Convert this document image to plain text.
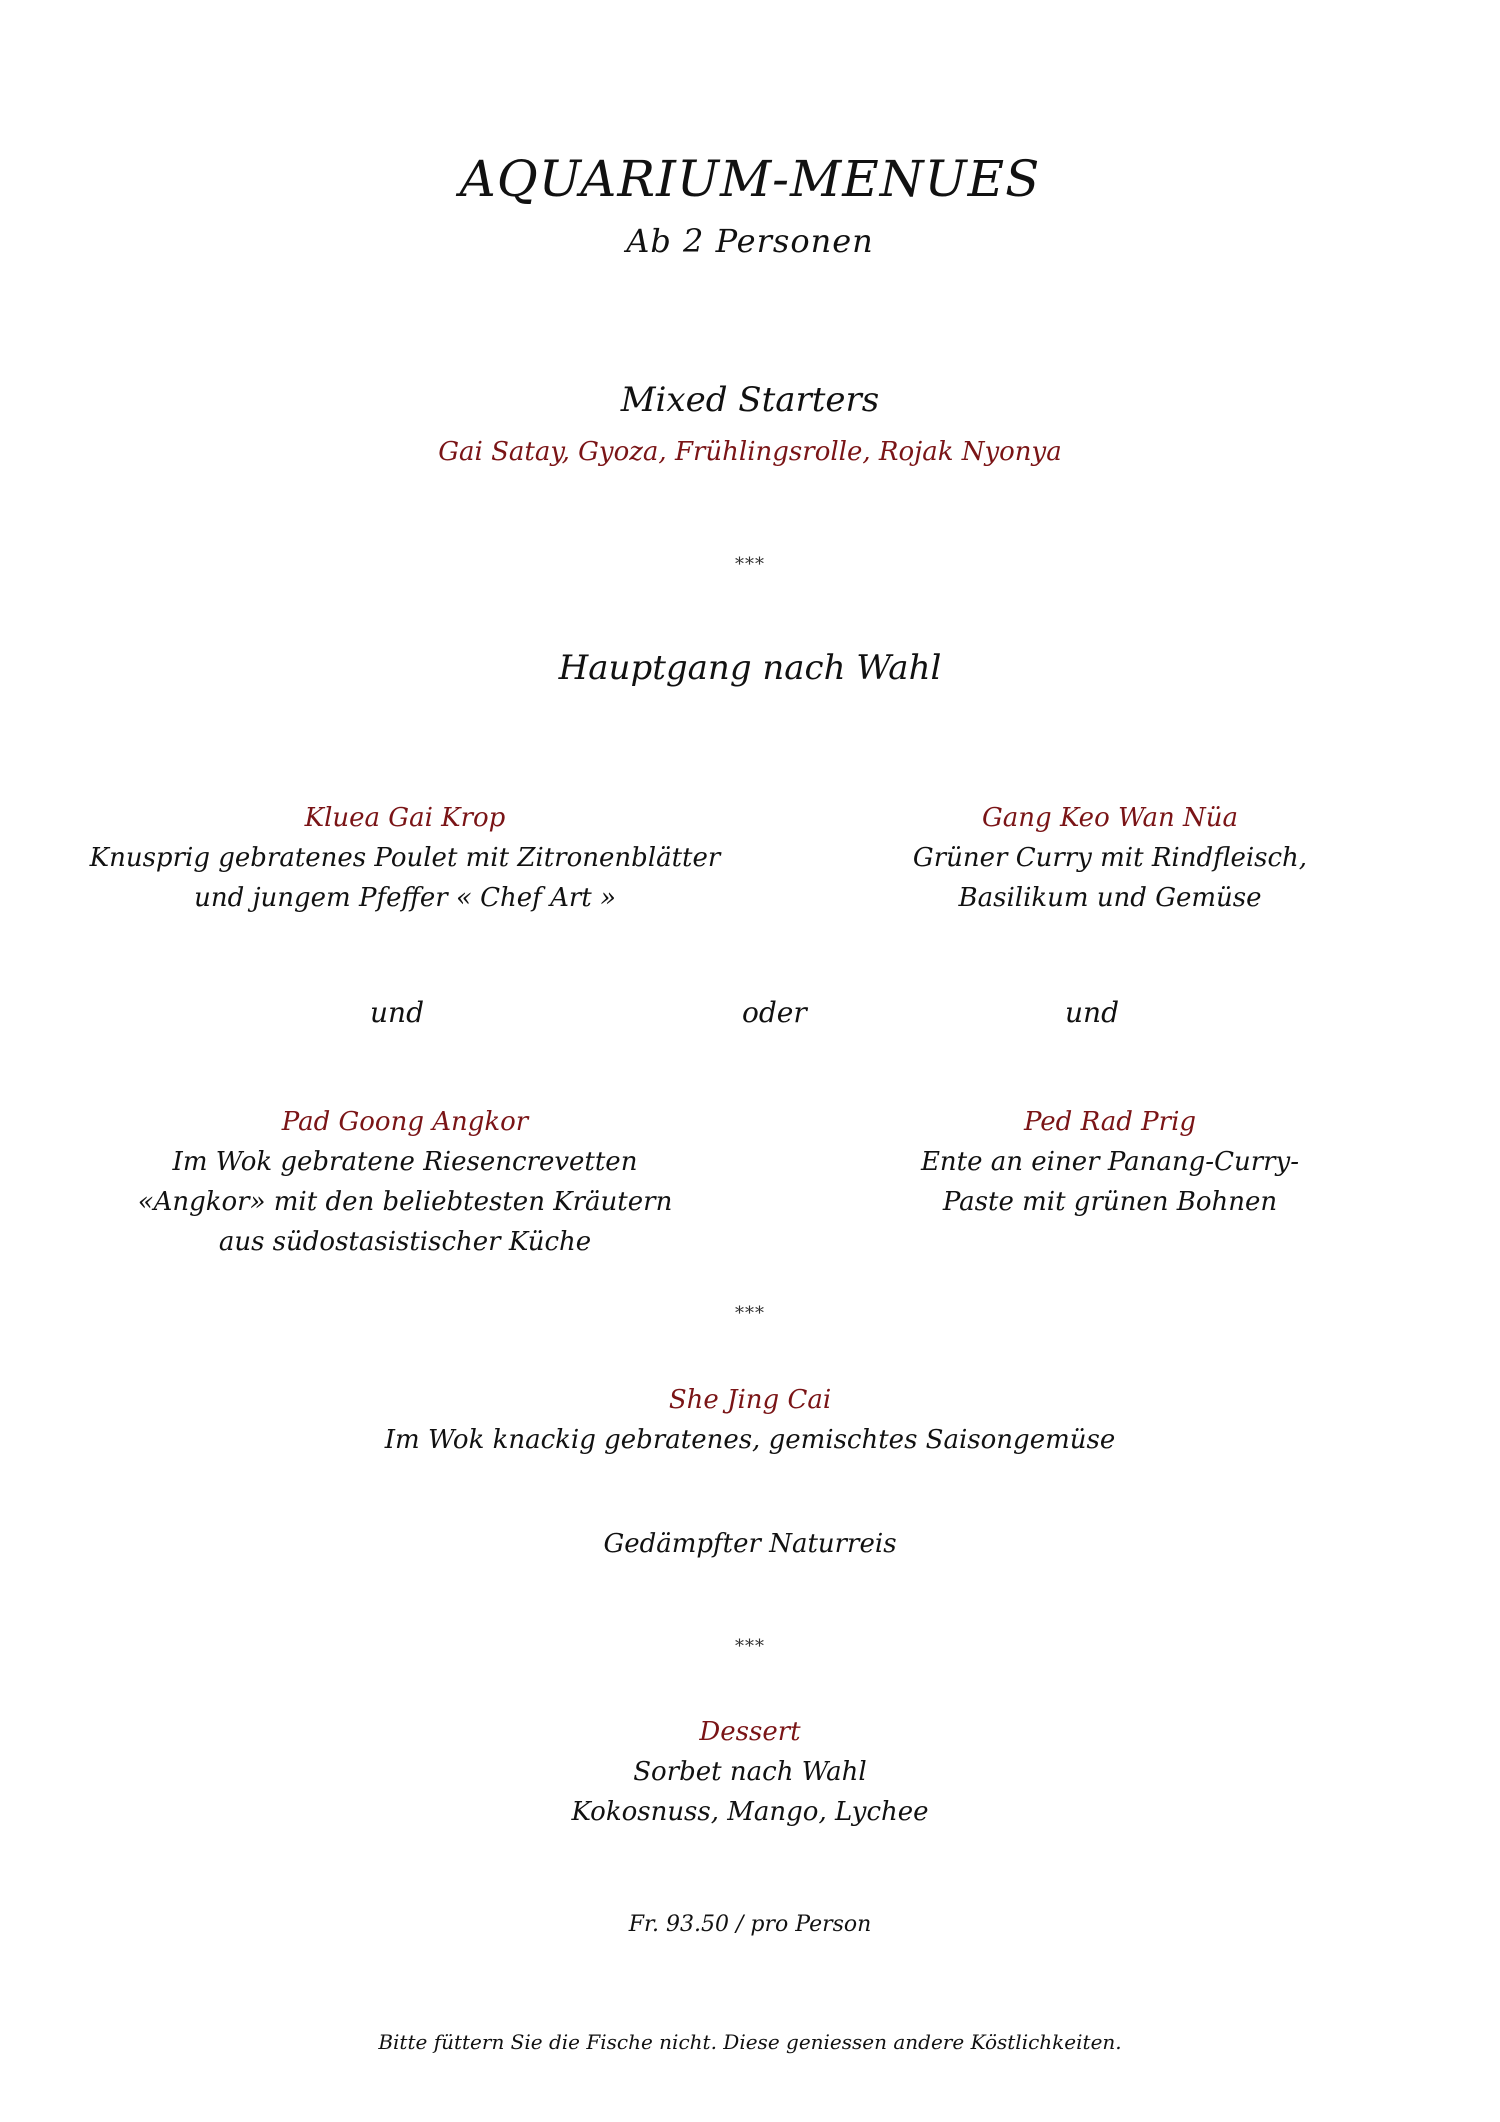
AQUARIUM-MENUES
Ab 2 Personen
Mixed Starters
Gai Satay, Gyoza, Frühlingsrolle, Rojak Nyonya
***
Hauptgang nach Wahl
Kluea Gai Krop
Knusprig gebratenes Poulet mit Zitronenblätter
und jungem Pfeffer « Chef Art »
Gang Keo Wan Nüa
Grüner Curry mit Rindfleisch,
Basilikum und Gemüse
und	oder	und
Pad Goong Angkor
Im Wok gebratene Riesencrevetten
«Angkor» mit den beliebtesten Kräutern
aus südostasistischer Küche
Ped Rad Prig
Ente an einer Panang-Curry-
Paste mit grünen Bohnen
***
She Jing Cai
Im Wok knackig gebratenes, gemischtes Saisongemüse
Gedämpfter Naturreis
***
Dessert
Sorbet nach Wahl
Kokosnuss, Mango, Lychee
Fr. 93.50 / pro Person
Bitte füttern Sie die Fische nicht. Diese geniessen andere Köstlichkeiten.
